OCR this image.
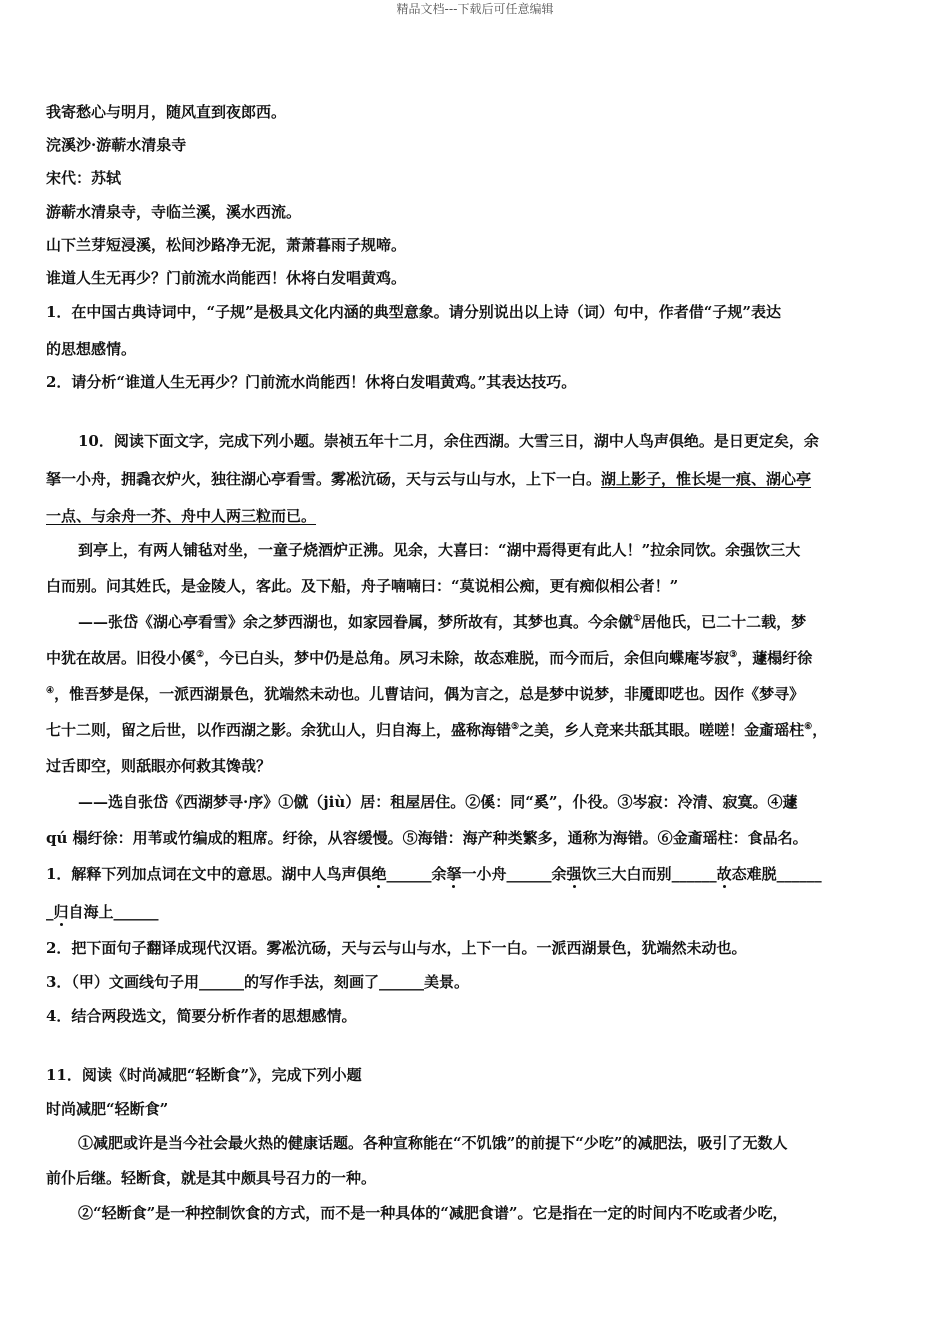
精品文档---下载后可任意编辑
我寄愁心与明月，随风直到夜郎西。
浣溪沙·游蕲水清泉寺
宋代：苏轼
游蕲水清泉寺，寺临兰溪，溪水西流。
山下兰芽短浸溪，松间沙路净无泥，萧萧暮雨子规啼。
谁道人生无再少？门前流水尚能西！休将白发唱黄鸡。
1．在中国古典诗词中，“子规”是极具文化内涵的典型意象。请分别说出以上诗（词）句中，作者借“子规”表达
的思想感情。
2．请分析“谁道人生无再少？门前流水尚能西！休将白发唱黄鸡。”其表达技巧。
10．阅读下面文字，完成下列小题。崇祯五年十二月，余住西湖。大雪三日，湖中人鸟声俱绝。是日更定矣，余
拏一小舟，拥毳衣炉火，独往湖心亭看雪。雾凇沆砀，天与云与山与水，上下一白。湖上影子，惟长堤一痕、湖心亭
一点、与余舟一芥、舟中人两三粒而已。
到亭上，有两人铺毡对坐，一童子烧酒炉正沸。见余，大喜曰：“湖中焉得更有此人！”拉余同饮。余强饮三大
白而别。问其姓氏，是金陵人，客此。及下船，舟子喃喃曰：“莫说相公痴，更有痴似相公者！”
——张岱《湖心亭看雪》余之梦西湖也，如家园眷属，梦所故有，其梦也真。今余僦①居他氏，已二十二载，梦
中犹在故居。旧役小傒②，今已白头，梦中仍是总角。夙习未除，故态难脱，而今而后，余但向蝶庵岑寂③，蘧榻纡徐
④，惟吾梦是保，一派西湖景色，犹端然未动也。儿曹诘问，偶为言之，总是梦中说梦，非魇即呓也。因作《梦寻》
七十二则，留之后世，以作西湖之影。余犹山人，归自海上，盛称海错⑤之美，乡人竞来共舐其眼。嗟嗟！金齑瑶柱⑥，
过舌即空，则舐眼亦何救其馋哉？
——选自张岱《西湖梦寻·序》①僦（jiù）居：租屋居住。②傒：同“奚”，仆役。③岑寂：冷清、寂寞。④蘧
qú 榻纡徐：用苇或竹编成的粗席。纡徐，从容缓慢。⑤海错：海产种类繁多，通称为海错。⑥金齑瑶柱：食品名。
1．解释下列加点词在文中的意思。湖中人鸟声俱绝______余拏一小舟______余强饮三大白而别______故态难脱______
_归自海上______
2．把下面句子翻译成现代汉语。雾凇沆砀，天与云与山与水，上下一白。一派西湖景色，犹端然未动也。
3．（甲）文画线句子用______的写作手法，刻画了______美景。
4．结合两段选文，简要分析作者的思想感情。
11．阅读《时尚减肥“轻断食”》，完成下列小题
时尚减肥“轻断食”
①减肥或许是当今社会最火热的健康话题。各种宣称能在“不饥饿”的前提下“少吃”的减肥法，吸引了无数人
前仆后继。轻断食，就是其中颇具号召力的一种。
②“轻断食”是一种控制饮食的方式，而不是一种具体的“减肥食谱”。它是指在一定的时间内不吃或者少吃，
